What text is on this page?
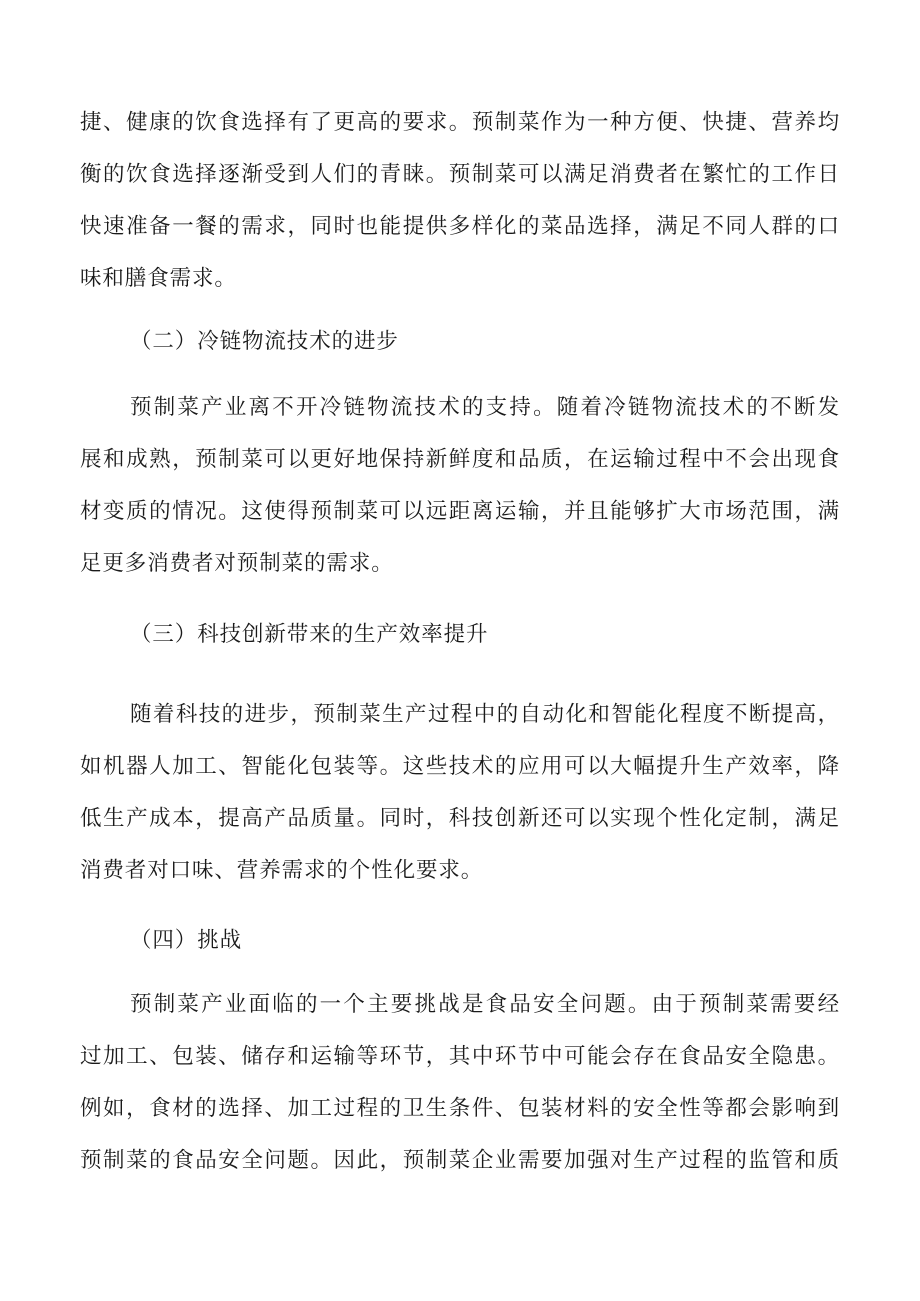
捷、健康的饮食选择有了更高的要求。预制菜作为一种方便、快捷、营养均
衡的饮食选择逐渐受到人们的青睐。预制菜可以满足消费者在繁忙的工作日
快速准备一餐的需求，同时也能提供多样化的菜品选择，满足不同人群的口
味和膳食需求。
（二）冷链物流技术的进步
预制菜产业离不开冷链物流技术的支持。随着冷链物流技术的不断发
展和成熟，预制菜可以更好地保持新鲜度和品质，在运输过程中不会出现食
材变质的情况。这使得预制菜可以远距离运输，并且能够扩大市场范围，满
足更多消费者对预制菜的需求。
（三）科技创新带来的生产效率提升
随着科技的进步，预制菜生产过程中的自动化和智能化程度不断提高，
如机器人加工、智能化包装等。这些技术的应用可以大幅提升生产效率，降
低生产成本，提高产品质量。同时，科技创新还可以实现个性化定制，满足
消费者对口味、营养需求的个性化要求。
（四）挑战
预制菜产业面临的一个主要挑战是食品安全问题。由于预制菜需要经
过加工、包装、储存和运输等环节，其中环节中可能会存在食品安全隐患。
例如，食材的选择、加工过程的卫生条件、包装材料的安全性等都会影响到
预制菜的食品安全问题。因此，预制菜企业需要加强对生产过程的监管和质
